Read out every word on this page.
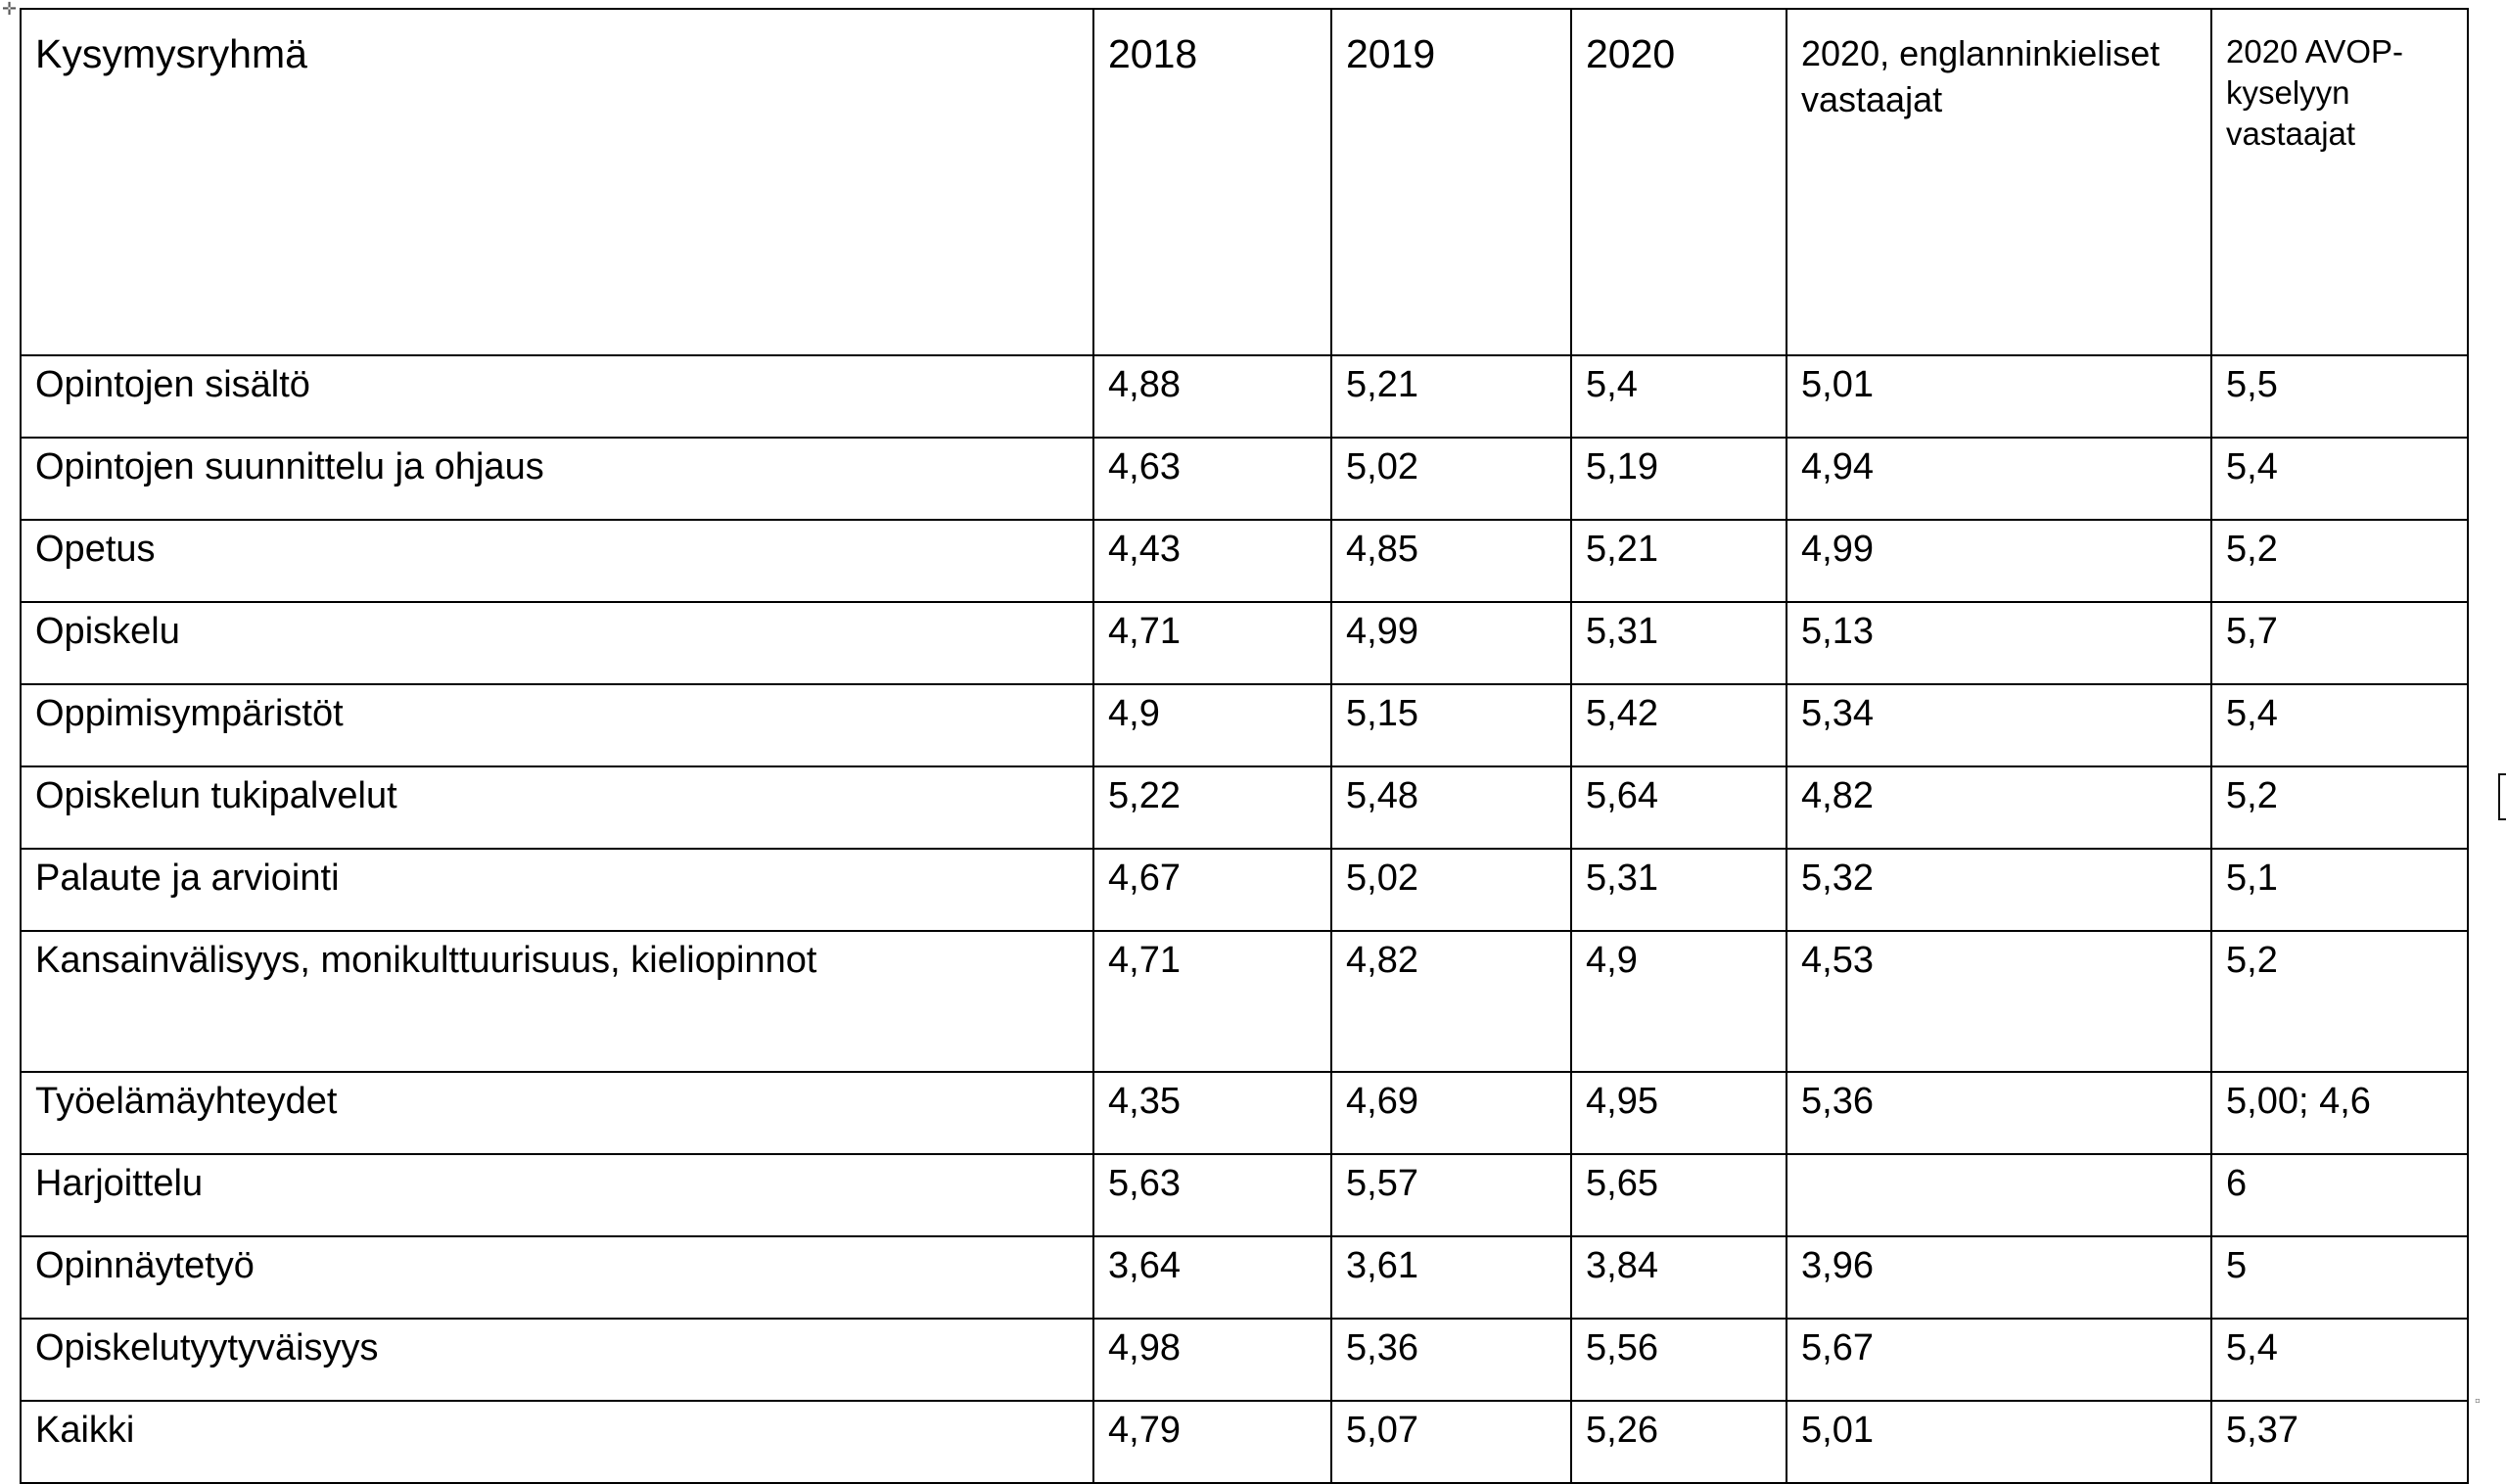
✛
▫
Kysymysryhmä	2018	2019	2020	2020, englanninkieliset vastaajat	2020 AVOP-kyselyyn vastaajat
Opintojen sisältö	4,88	5,21	5,4	5,01	5,5
Opintojen suunnittelu ja ohjaus	4,63	5,02	5,19	4,94	5,4
Opetus	4,43	4,85	5,21	4,99	5,2
Opiskelu	4,71	4,99	5,31	5,13	5,7
Oppimisympäristöt	4,9	5,15	5,42	5,34	5,4
Opiskelun tukipalvelut	5,22	5,48	5,64	4,82	5,2
Palaute ja arviointi	4,67	5,02	5,31	5,32	5,1
Kansainvälisyys, monikulttuurisuus, kieliopinnot	4,71	4,82	4,9	4,53	5,2
Työelämäyhteydet	4,35	4,69	4,95	5,36	5,00; 4,6
Harjoittelu	5,63	5,57	5,65		6
Opinnäytetyö	3,64	3,61	3,84	3,96	5
Opiskelutyytyväisyys	4,98	5,36	5,56	5,67	5,4
Kaikki	4,79	5,07	5,26	5,01	5,37
